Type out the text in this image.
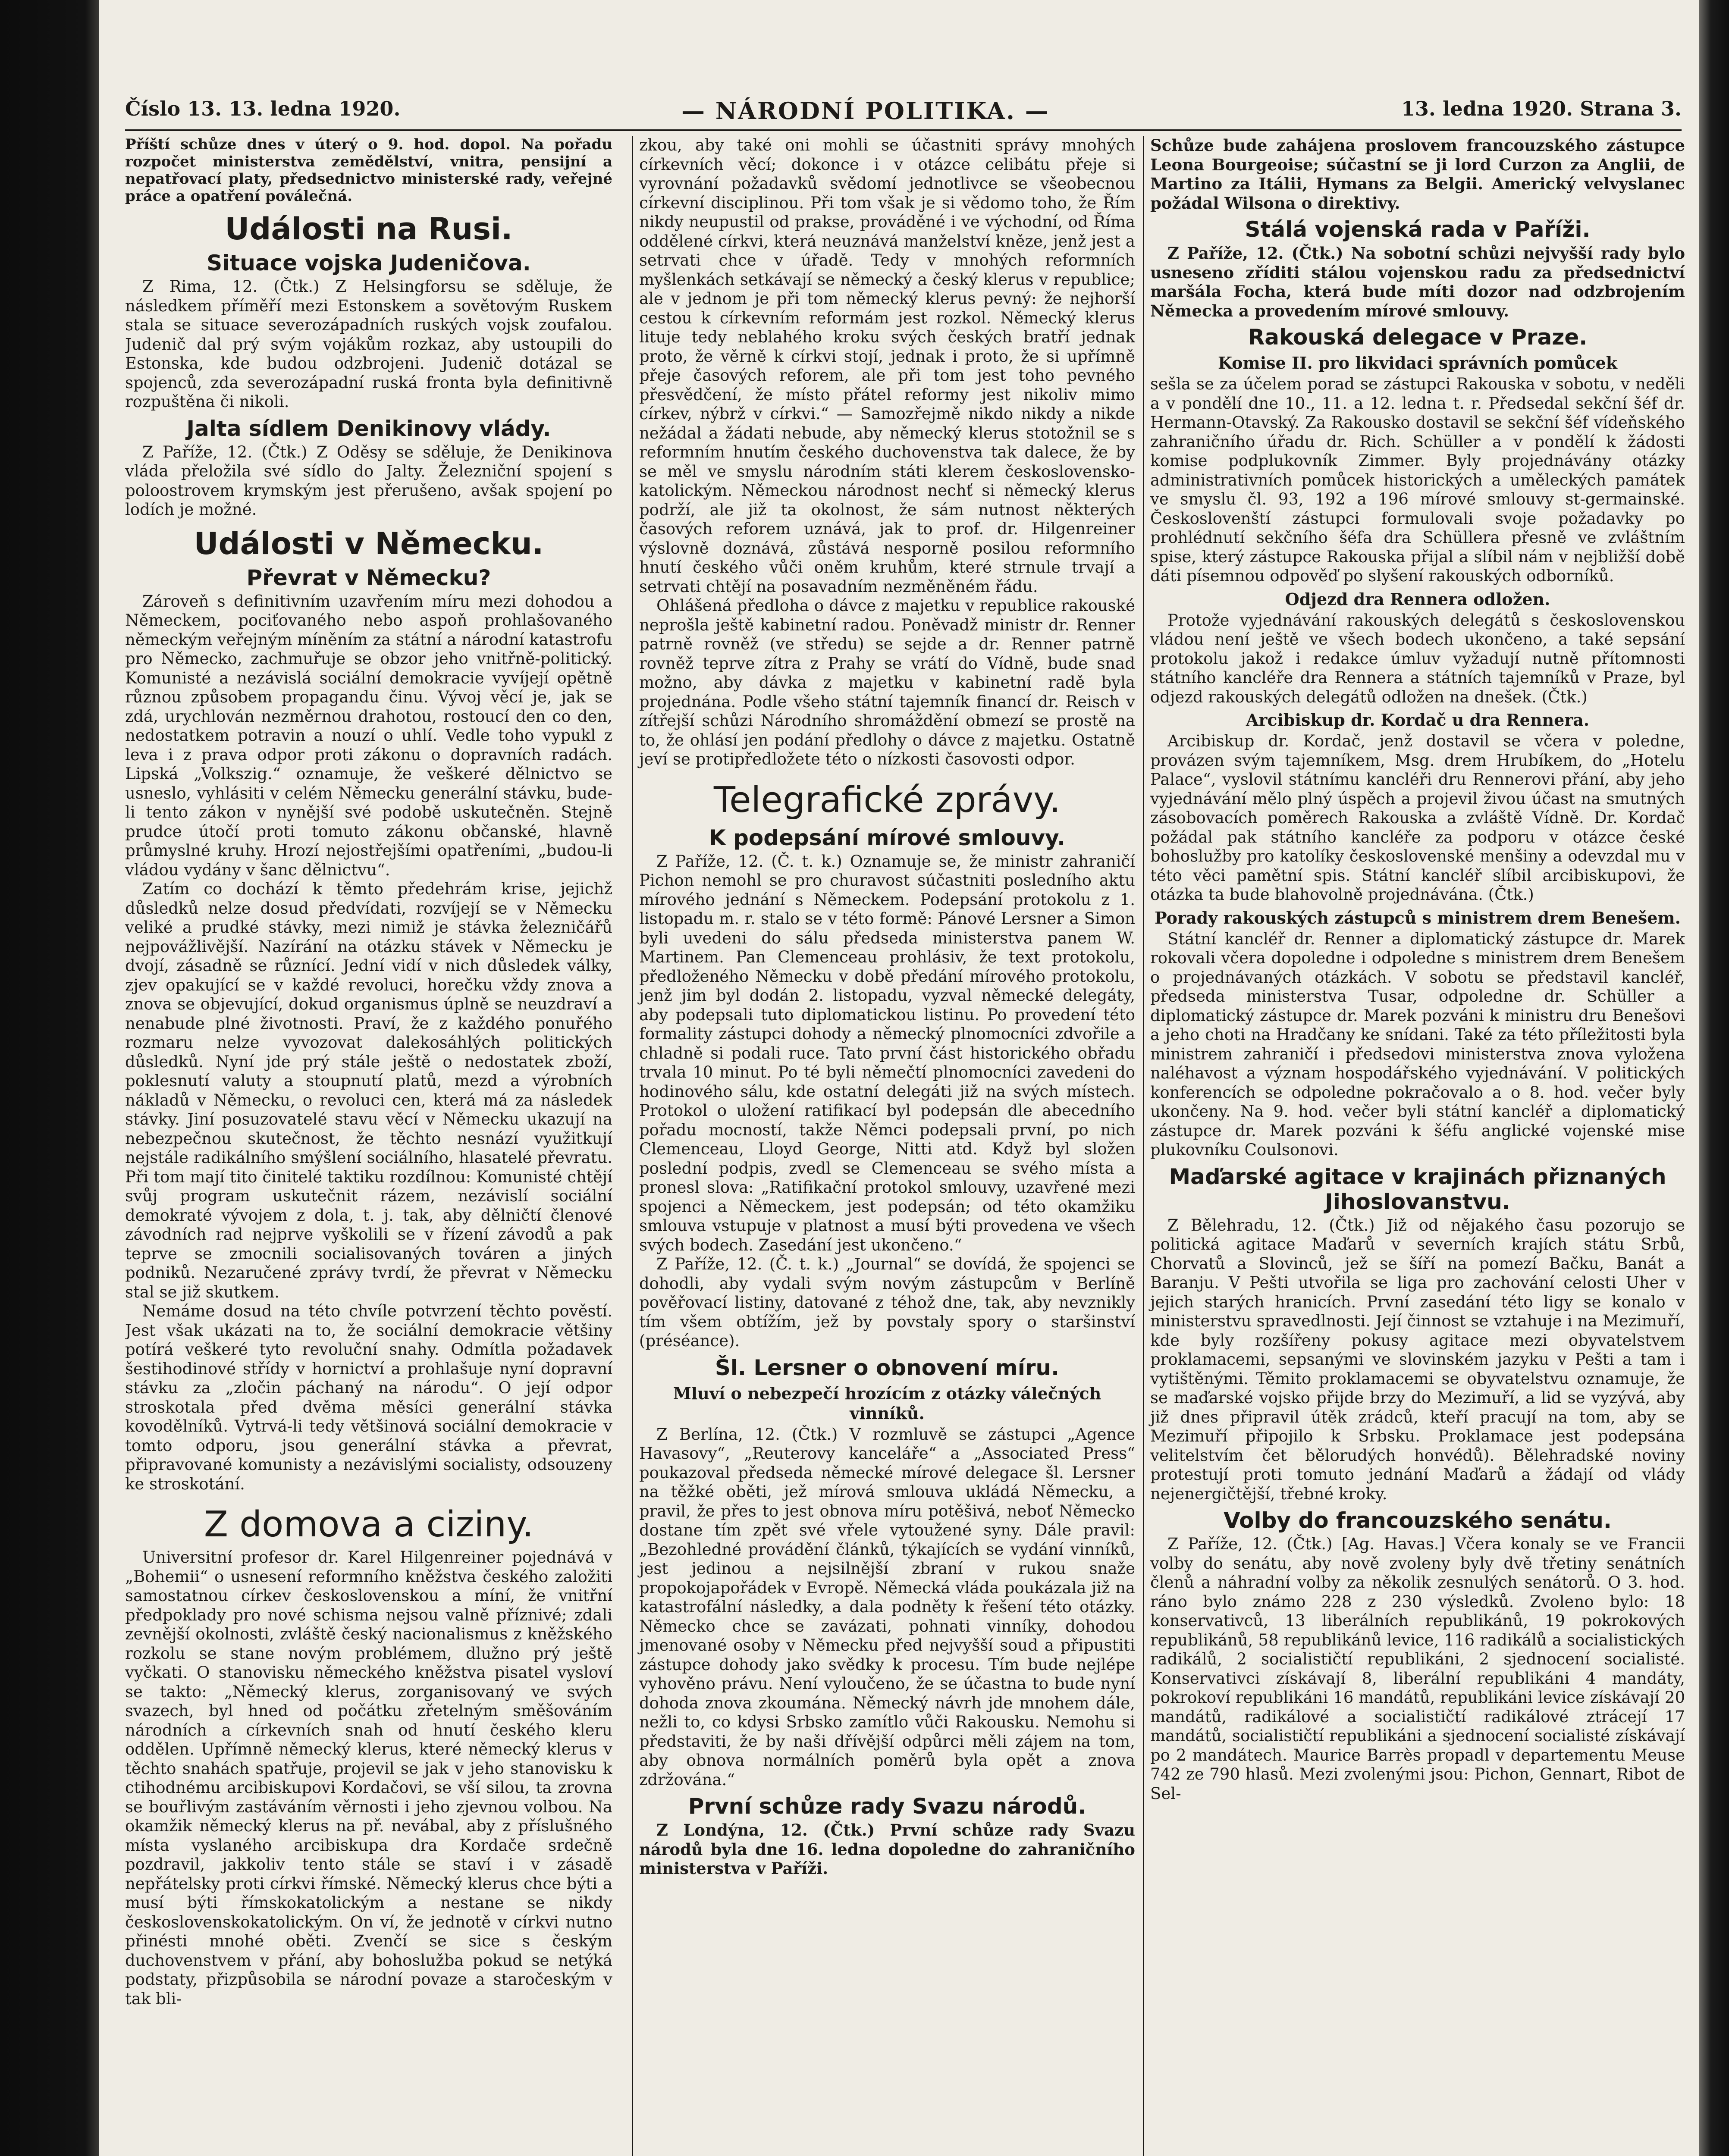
Číslo 13. 13. ledna 1920.	— NÁRODNÍ POLITIKA. —	13. ledna 1920. Strana 3.

Příští schůze dnes v úterý o 9. hod. dopol. Na pořadu rozpočet ministerstva zemědělství, vnitra, pensijní a nepatřovací platy, předsednictvo ministerské rady, veřejné práce a opatření poválečná.

Události na Rusi.
Situace vojska Judeničova.

Z Rima, 12. (Čtk.) Z Helsingforsu se sděluje, že následkem příměří mezi Estonskem a sovětovým Ruskem stala se situace severozápadních ruských vojsk zoufalou. Judenič dal prý svým vojákům rozkaz, aby ustoupili do Estonska, kde budou odzbrojeni. Judenič dotázal se spojenců, zda severozápadní ruská fronta byla definitivně rozpuštěna či nikoli.

Jalta sídlem Denikinovy vlády.

Z Paříže, 12. (Čtk.) Z Oděsy se sděluje, že Denikinova vláda přeložila své sídlo do Jalty. Železniční spojení s poloostrovem krymským jest přerušeno, avšak spojení po lodích je možné.

Události v Německu.
Převrat v Německu?

Zároveň s definitivním uzavřením míru mezi dohodou a Německem, pociťovaného nebo aspoň prohlašovaného německým veřejným míněním za státní a národní katastrofu pro Německo, zachmuřuje se obzor jeho vnitřně-politický. Komunisté a nezávislá sociální demokracie vyvíjejí opětně různou způsobem propagandu činu. Vývoj věcí je, jak se zdá, urychlován nezměrnou drahotou, rostoucí den co den, nedostatkem potravin a nouzí o uhlí. Vedle toho vypukl z leva i z prava odpor proti zákonu o dopravních radách. Lipská „Volkszig.“ oznamuje, že veškeré dělnictvo se usneslo, vyhlásiti v celém Německu generální stávku, bude-li tento zákon v nynější své podobě uskutečněn. Stejně prudce útočí proti tomuto zákonu občanské, hlavně průmyslné kruhy. Hrozí nejostřejšími opatřeními, „budou-li vládou vydány v šanc dělnictvu“.

Zatím co dochází k těmto předehrám krise, jejichž důsledků nelze dosud předvídati, rozvíjejí se v Německu veliké a prudké stávky, mezi nimiž je stávka železničářů nejpovážlivější. Nazírání na otázku stávek v Německu je dvojí, zásadně se různící. Jední vidí v nich důsledek války, zjev opakující se v každé revoluci, horečku vždy znova a znova se objevující, dokud organismus úplně se neuzdraví a nenabude plné životnosti. Praví, že z každého ponuřého rozmaru nelze vyvozovat dalekosáhlých politických důsledků. Nyní jde prý stále ještě o nedostatek zboží, poklesnutí valuty a stoupnutí platů, mezd a výrobních nákladů v Německu, o revoluci cen, která má za následek stávky. Jiní posuzovatelé stavu věcí v Německu ukazují na nebezpečnou skutečnost, že těchto nesnází využitkují nejstále radikálního smýšlení sociálního, hlasatelé převratu. Při tom mají tito činitelé taktiku rozdílnou: Komunisté chtějí svůj program uskutečnit rázem, nezávislí sociální demokraté vývojem z dola, t. j. tak, aby dělničtí členové závodních rad nejprve vyškolili se v řízení závodů a pak teprve se zmocnili socialisovaných továren a jiných podniků. Nezaručené zprávy tvrdí, že převrat v Německu stal se již skutkem.

Nemáme dosud na této chvíle potvrzení těchto pověstí. Jest však ukázati na to, že sociální demokracie většiny potírá veškeré tyto revoluční snahy. Odmítla požadavek šestihodinové střídy v hornictví a prohlašuje nyní dopravní stávku za „zločin páchaný na národu“. O její odpor stroskotala před dvěma měsíci generální stávka kovodělníků. Vytrvá-li tedy většinová sociální demokracie v tomto odporu, jsou generální stávka a převrat, připravované komunisty a nezávislými socialisty, odsouzeny ke stroskotání.

Z domova a ciziny.

Universitní profesor dr. Karel Hilgenreiner pojednává v „Bohemii“ o usnesení reformního kněžstva českého založiti samostatnou církev československou a míní, že vnitřní předpoklady pro nové schisma nejsou valně příznivé; zdali zevnější okolnosti, zvláště český nacionalismus z kněžského rozkolu se stane novým problémem, dlužno prý ještě vyčkati. O stanovisku německého kněžstva pisatel vysloví se takto: „Německý klerus, zorganisovaný ve svých svazech, byl hned od počátku zřetelným směšováním národních a církevních snah od hnutí českého kleru oddělen. Upřímně německý klerus, které německý klerus v těchto snahách spatřuje, projevil se jak v jeho stanovisku k ctihodnému arcibiskupovi Kordačovi, se vší silou, ta zrovna se bouřlivým zastáváním věrnosti i jeho zjevnou volbou. Na okamžik německý klerus na př. nevábal, aby z příslušného místa vyslaného arcibiskupa dra Kordače srdečně pozdravil, jakkoliv tento stále se staví i v zásadě nepřátelsky proti církvi římské. Německý klerus chce býti a musí býti římskokatolickým a nestane se nikdy československokatolickým. On ví, že jednotě v církvi nutno přinésti mnohé oběti. Zvenčí se sice s českým duchovenstvem v přání, aby bohoslužba pokud se netýká podstaty, přizpůsobila se národní povaze a staročeským v tak bli-

zkou, aby také oni mohli se účastniti správy mnohých církevních věcí; dokonce i v otázce celibátu přeje si vyrovnání požadavků svědomí jednotlivce se všeobecnou církevní disciplinou. Při tom však je si vědomo toho, že Řím nikdy neupustil od prakse, prováděné i ve východní, od Říma oddělené církvi, která neuznává manželství kněze, jenž jest a setrvati chce v úřadě. Tedy v mnohých reformních myšlenkách setkávají se německý a český klerus v republice; ale v jednom je při tom německý klerus pevný: že nejhorší cestou k církevním reformám jest rozkol. Německý klerus lituje tedy neblahého kroku svých českých bratří jednak proto, že věrně k církvi stojí, jednak i proto, že si upřímně přeje časových reforem, ale při tom jest toho pevného přesvědčení, že místo přátel reformy jest nikoliv mimo církev, nýbrž v církvi.“ — Samozřejmě nikdo nikdy a nikde nežádal a žádati nebude, aby německý klerus stotožnil se s reformním hnutím českého duchovenstva tak dalece, že by se měl ve smyslu národním státi klerem československo-katolickým. Německou národnost nechť si německý klerus podrží, ale již ta okolnost, že sám nutnost některých časových reforem uznává, jak to prof. dr. Hilgenreiner výslovně doznává, zůstává nesporně posilou reformního hnutí českého vůči oněm kruhům, které strnule trvají a setrvati chtějí na posavadním nezměněném řádu.

Ohlášená předloha o dávce z majetku v republice rakouské neprošla ještě kabinetní radou. Poněvadž ministr dr. Renner patrně rovněž (ve středu) se sejde a dr. Renner patrně rovněž teprve zítra z Prahy se vrátí do Vídně, bude snad možno, aby dávka z majetku v kabinetní radě byla projednána. Podle všeho státní tajemník financí dr. Reisch v zítřejší schůzi Národního shromáždění obmezí se prostě na to, že ohlásí jen podání předlohy o dávce z majetku. Ostatně jeví se protipředložete této o nízkosti časovosti odpor.

Telegrafické zprávy.
K podepsání mírové smlouvy.

Z Paříže, 12. (Č. t. k.) Oznamuje se, že ministr zahraničí Pichon nemohl se pro churavost súčastniti posledního aktu mírového jednání s Německem. Podepsání protokolu z 1. listopadu m. r. stalo se v této formě: Pánové Lersner a Simon byli uvedeni do sálu předseda ministerstva panem W. Martinem. Pan Clemenceau prohlásiv, že text protokolu, předloženého Německu v době předání mírového protokolu, jenž jim byl dodán 2. listopadu, vyzval německé delegáty, aby podepsali tuto diplomatickou listinu. Po provedení této formality zástupci dohody a německý plnomocníci zdvořile a chladně si podali ruce. Tato první část historického obřadu trvala 10 minut. Po té byli němečtí plnomocníci zavedeni do hodinového sálu, kde ostatní delegáti již na svých místech. Protokol o uložení ratifikací byl podepsán dle abecedního pořadu mocností, takže Němci podepsali první, po nich Clemenceau, Lloyd George, Nitti atd. Když byl složen poslední podpis, zvedl se Clemenceau se svého místa a pronesl slova: „Ratifikační protokol smlouvy, uzavřené mezi spojenci a Německem, jest podepsán; od této okamžiku smlouva vstupuje v platnost a musí býti provedena ve všech svých bodech. Zasedání jest ukončeno.“

Z Paříže, 12. (Č. t. k.) „Journal“ se dovídá, že spojenci se dohodli, aby vydali svým novým zástupcům v Berlíně pověřovací listiny, datované z téhož dne, tak, aby nevznikly tím všem obtížím, jež by povstaly spory o staršinství (préséance).

Šl. Lersner o obnovení míru.
Mluví o nebezpečí hrozícím z otázky válečných vinníků.

Z Berlína, 12. (Čtk.) V rozmluvě se zástupci „Agence Havasovy“, „Reuterovy kanceláře“ a „Associated Press“ poukazoval předseda německé mírové delegace šl. Lersner na těžké oběti, jež mírová smlouva ukládá Německu, a pravil, že přes to jest obnova míru potěšivá, neboť Německo dostane tím zpět své vřele vytoužené syny. Dále pravil: „Bezohledné provádění článků, týkajících se vydání vinníků, jest jedinou a nejsilnější zbraní v rukou snaže propokojapořádek v Evropě. Německá vláda poukázala již na katastrofální následky, a dala podněty k řešení této otázky. Německo chce se zavázati, pohnati vinníky, dohodou jmenované osoby v Německu před nejvyšší soud a připustiti zástupce dohody jako svědky k procesu. Tím bude nejlépe vyhověno právu. Není vyloučeno, že se účastna to bude nyní dohoda znova zkoumána. Německý návrh jde mnohem dále, nežli to, co kdysi Srbsko zamítlo vůči Rakousku. Nemohu si představiti, že by naši dřívější odpůrci měli zájem na tom, aby obnova normálních poměrů byla opět a znova zdržována.“

První schůze rady Svazu národů.

Z Londýna, 12. (Čtk.) První schůze rady Svazu národů byla dne 16. ledna dopoledne do zahraničního ministerstva v Paříži.

Schůze bude zahájena proslovem francouzského zástupce Leona Bourgeoise; súčastní se ji lord Curzon za Anglii, de Martino za Itálii, Hymans za Belgii. Americký velvyslanec požádal Wilsona o direktivy.

Stálá vojenská rada v Paříži.

Z Paříže, 12. (Čtk.) Na sobotní schůzi nejvyšší rady bylo usneseno zříditi stálou vojenskou radu za předsednictví maršála Focha, která bude míti dozor nad odzbrojením Německa a provedením mírové smlouvy.

Rakouská delegace v Praze.
Komise II. pro likvidaci správních pomůcek

sešla se za účelem porad se zástupci Rakouska v sobotu, v neděli a v pondělí dne 10., 11. a 12. ledna t. r. Předsedal sekční šéf dr. Hermann-Otavský. Za Rakousko dostavil se sekční šéf vídeňského zahraničního úřadu dr. Rich. Schüller a v pondělí k žádosti komise podplukovník Zimmer. Byly projednávány otázky administrativních pomůcek historických a uměleckých památek ve smyslu čl. 93, 192 a 196 mírové smlouvy st-germainské. Českoslovenští zástupci formulovali svoje požadavky po prohlédnutí sekčního šéfa dra Schüllera přesně ve zvláštním spise, který zástupce Rakouska přijal a slíbil nám v nejbližší době dáti písemnou odpověď po slyšení rakouských odborníků.

Odjezd dra Rennera odložen.

Protože vyjednávání rakouských delegátů s československou vládou není ještě ve všech bodech ukončeno, a také sepsání protokolu jakož i redakce úmluv vyžadují nutně přítomnosti státního kancléře dra Rennera a státních tajemníků v Praze, byl odjezd rakouských delegátů odložen na dnešek. (Čtk.)

Arcibiskup dr. Kordač u dra Rennera.

Arcibiskup dr. Kordač, jenž dostavil se včera v poledne, provázen svým tajemníkem, Msg. drem Hrubíkem, do „Hotelu Palace“, vyslovil státnímu kancléři dru Rennerovi přání, aby jeho vyjednávání mělo plný úspěch a projevil živou účast na smutných zásobovacích poměrech Rakouska a zvláště Vídně. Dr. Kordač požádal pak státního kancléře za podporu v otázce české bohoslužby pro katolíky československé menšiny a odevzdal mu v této věci pamětní spis. Státní kancléř slíbil arcibiskupovi, že otázka ta bude blahovolně projednávána. (Čtk.)

Porady rakouských zástupců s ministrem drem Benešem.

Státní kancléř dr. Renner a diplomatický zástupce dr. Marek rokovali včera dopoledne i odpoledne s ministrem drem Benešem o projednávaných otázkách. V sobotu se představil kancléř, předseda ministerstva Tusar, odpoledne dr. Schüller a diplomatický zástupce dr. Marek pozváni k ministru dru Benešovi a jeho choti na Hradčany ke snídani. Také za této příležitosti byla ministrem zahraničí i předsedovi ministerstva znova vyložena naléhavost a význam hospodářského vyjednávání. V politických konferencích se odpoledne pokračovalo a o 8. hod. večer byly ukončeny. Na 9. hod. večer byli státní kancléř a diplomatický zástupce dr. Marek pozváni k šéfu anglické vojenské mise plukovníku Coulsonovi.

Maďarské agitace v krajinách přiznaných Jihoslovanstvu.

Z Bělehradu, 12. (Čtk.) Již od nějakého času pozorujo se politická agitace Maďarů v severních krajích státu Srbů, Chorvatů a Slovinců, jež se šíří na pomezí Bačku, Banát a Baranju. V Pešti utvořila se liga pro zachování celosti Uher v jejich starých hranicích. První zasedání této ligy se konalo v ministerstvu spravedlnosti. Její činnost se vztahuje i na Mezimuří, kde byly rozšířeny pokusy agitace mezi obyvatelstvem proklamacemi, sepsanými ve slovinském jazyku v Pešti a tam i vytištěnými. Těmito proklamacemi se obyvatelstvu oznamuje, že se maďarské vojsko přijde brzy do Mezimuří, a lid se vyzývá, aby již dnes připravil útěk zrádců, kteří pracují na tom, aby se Mezimuří připojilo k Srbsku. Proklamace jest podepsána velitelstvím čet bělorudých honvédů). Bělehradské noviny protestují proti tomuto jednání Maďarů a žádají od vlády nejenergičtější, třebné kroky.

Volby do francouzského senátu.

Z Paříže, 12. (Čtk.) [Ag. Havas.] Včera konaly se ve Francii volby do senátu, aby nově zvoleny byly dvě třetiny senátních členů a náhradní volby za několik zesnulých senátorů. O 3. hod. ráno bylo známo 228 z 230 výsledků. Zvoleno bylo: 18 konservativců, 13 liberálních republikánů, 19 pokrokových republikánů, 58 republikánů levice, 116 radikálů a socialistických radikálů, 2 socialističtí republikáni, 2 sjednocení socialisté. Konservativci získávají 8, liberální republikáni 4 mandáty, pokrokoví republikáni 16 mandátů, republikáni levice získávají 20 mandátů, radikálové a socialističtí radikálové ztrácejí 17 mandátů, socialističtí republikáni a sjednocení socialisté získávají po 2 mandátech. Maurice Barrès propadl v departementu Meuse 742 ze 790 hlasů. Mezi zvolenými jsou: Pichon, Gennart, Ribot de Sel-
